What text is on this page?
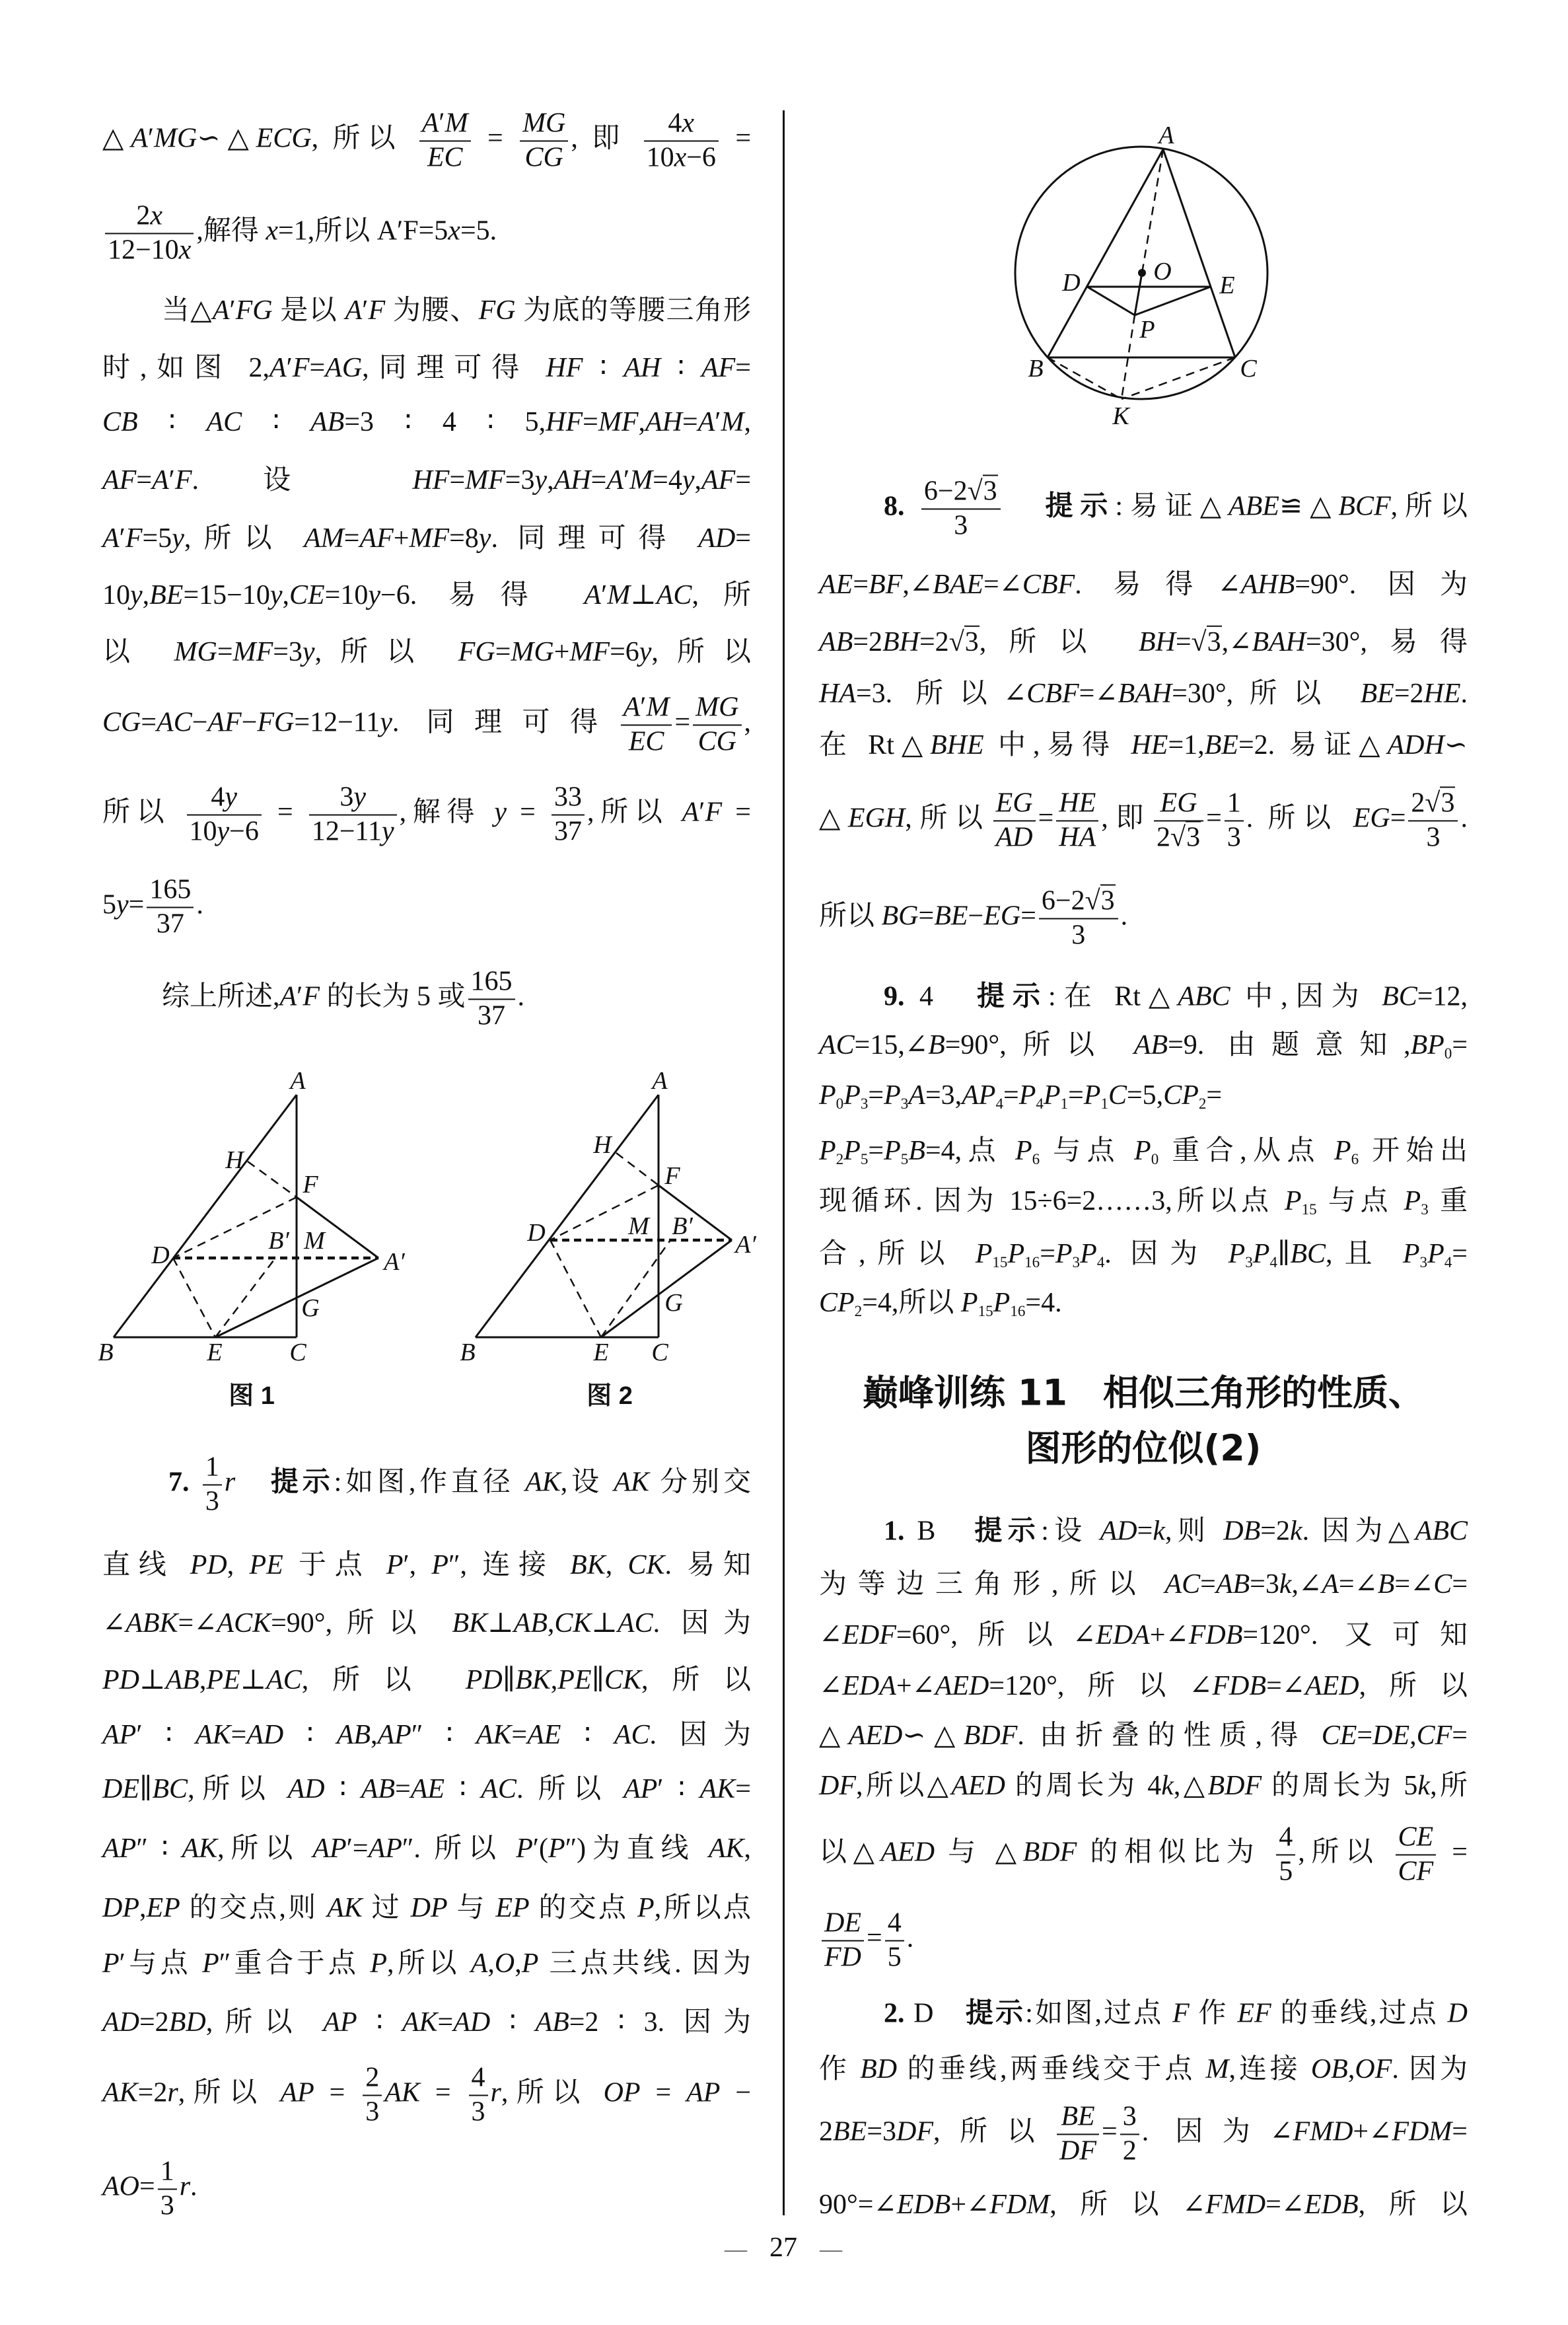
△A′MG∽△ECG, 所以 $\frac{A'M}{EC} = \frac{MG}{CG}$ , 即 $\frac{4x}{10x-6}$ =
$\frac{2x}{12-10x}$ ,解得 x=1,所以 A′F=5x=5.
当△A′FG 是以 A′F 为腰、FG 为底的等腰三角形
时,如图 2,A′F=AG,同理可得 HF ∶ AH ∶ AF=
CB ∶ AC ∶ AB=3 ∶ 4 ∶ 5,HF=MF,AH=A′M,
AF=A′F. 设 HF=MF=3y,AH=A′M=4y,AF=
A′F=5y,所以 AM=AF+MF=8y. 同理可得 AD=
10y,BE=15−10y,CE=10y−6. 易得 A′M⊥AC,所
以 MG=MF=3y,所以 FG=MG+MF=6y,所以
CG=AC−AF−FG=12−11y. 同理可得 $\frac{A'M}{EC} = \frac{MG}{CG}$ ,
所以 $\frac{4y}{10y-6} = \frac{3y}{12-11y}$ ,解得 $y = \frac{33}{37}$ ,所以 A′F =
$5y= \frac{165}{37}$ .
综上所述,A′F 的长为 5 或 $\frac{165}{37}$ .
7. $\frac{1}{3}$ r　 提示:如图,作直径 AK,设 AK 分别交
直线 PD, PE 于点 P′, P″, 连接 BK, CK. 易知
∠ABK=∠ACK=90°,所以 BK⊥AB,CK⊥AC. 因为
PD⊥AB,PE⊥AC,所以 PD∥BK,PE∥CK,所以
AP′ ∶ AK=AD ∶ AB,AP″ ∶ AK=AE ∶ AC. 因为
DE∥BC,所以 AD ∶ AB=AE ∶ AC. 所以 AP′ ∶ AK=
AP″ ∶ AK,所以 AP′=AP″. 所以 P′(P″)为直线 AK,
DP,EP 的交点,则 AK 过 DP 与 EP 的交点 P,所以点
P′与点 P″重合于点 P,所以 A,O,P 三点共线. 因为
AD=2BD,所以 AP ∶ AK=AD ∶ AB=2 ∶ 3. 因为
AK=2r,所以 AP = $\frac{2}{3}$ AK = $\frac{4}{3} r$,所以 OP = AP −
$AO= \frac{1}{3} r$.
巅峰训练 11　相似三角形的性质、
图形的位似(2)
8. $\frac{6-2√3}{3}$
　 提示:易证△ABE≌△BCF,所以
AE=BF,∠BAE=∠CBF. 易得∠AHB=90°. 因为
AB=2BH=2√3,所以 BH=√3,∠BAH=30°,易得
HA=3. 所以∠CBF=∠BAH=30°,所以 BE=2HE.
在 Rt△BHE 中,易得 HE=1,BE=2. 易证△ADH∽
△EGH,所以 $\frac{EG}{AD} = \frac{HE}{HA}$ ,即 $\frac{EG}{2√3} = \frac{1}{3}$ . 所以 $EG= \frac{2√3}{3}$ .
所以 $BG=BE-EG= \frac{6-2√3}{3}$ .
9. 4　提示:在 Rt△ABC 中,因为 BC=12,
AC=15,∠B=90°,所以 AB=9. 由题意知$,BP_0=$
$P_0P_3=P_3A=3,AP_4=P_4P_1=P_1C=5,CP_2=$
$P_2P_5=P_5B=4$,点 $P_6$ 与点 $P_0$ 重合,从点 $P_6$ 开始出
现循环. 因为 15÷6=2……3,所以点 $P_{15}$ 与点 $P_3$ 重
合,所以 $P_{15}P_{16}=P_3P_4$. 因为 $P_3P_4\parallel BC$,且 $P_3P_4=$
$CP_2=4$,所以 $P_{15}P_{16}=4$.
1. B　提示:设 AD=k,则 DB=2k. 因为△ABC
为等边三角形,所以 AC=AB=3k,∠A=∠B=∠C=
∠EDF=60°,所以∠EDA+∠FDB=120°. 又可知
∠EDA+∠AED=120°,所以∠FDB=∠AED,所以
△AED∽△BDF. 由折叠的性质,得 CE=DE,CF=
DF,所以△AED 的周长为 4k,△BDF 的周长为 5k,所
以△AED 与 △BDF 的相似比为 $\frac{4}{5}$ ,所以 $\frac{CE}{CF}$ =
$\frac{DE}{FD} = \frac{4}{5}$ .
2. D　提示:如图,过点 F 作 EF 的垂线,过点 D
作 BD 的垂线,两垂线交于点 M,连接 OB,OF. 因为
2BE=3DF,所以 $\frac{BE}{DF} = \frac{3}{2}$ . 因为∠FMD+∠FDM=
90°=∠EDB+∠FDM,所以∠FMD=∠EDB,所以
A
H
F
B′ M
D	A′
G
B	E	C
图 1
A
H
F
M B′
D	A′
G
B	E C
图 2
A
D	O E
P
B	C
K
— 27 —
